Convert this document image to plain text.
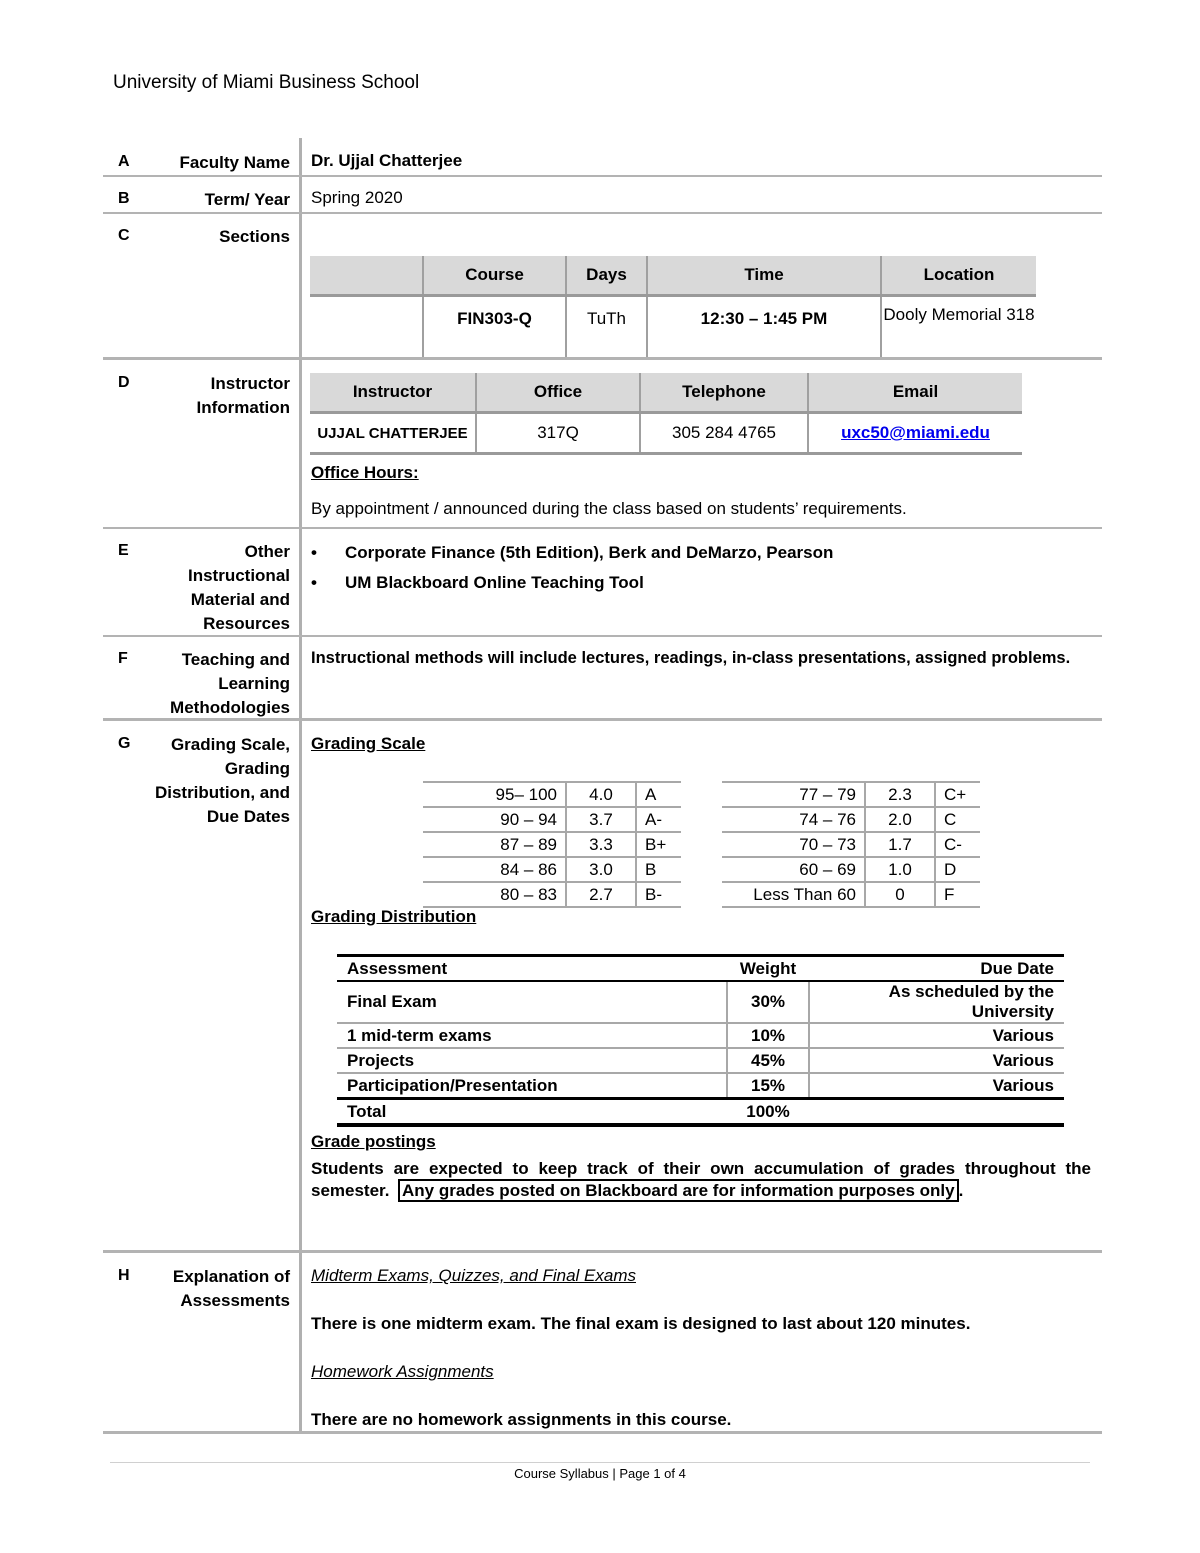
University of Miami Business School
A	Faculty Name Dr. Ujjal Chatterjee
B	Term/ Year Spring 2020
C	Sections
	Course	Days	Time	Location
	FIN303-Q	TuTh	12:30 – 1:45 PM	Dooly Memorial 318
D	Instructor
Information
Instructor	Office	Telephone	Email
UJJAL CHATTERJEE	317Q	305 284 4765	uxc50@miami.edu
Office Hours:
By appointment / announced during the class based on students’ requirements.
E	Other
Instructional
Material and
Resources
•	Corporate Finance (5th Edition), Berk and DeMarzo, Pearson
•	UM Blackboard Online Teaching Tool
F	Teaching and
Learning
Methodologies
Instructional methods will include lectures, readings, in-class presentations, assigned problems.
G	Grading Scale,
Grading
Distribution, and
Due Dates
Grading Scale
95– 100	4.0	A
90 – 94	3.7	A-
87 – 89	3.3	B+
84 – 86	3.0	B
80 – 83	2.7	B-
77 – 79	2.3	C+
74 – 76	2.0	C
70 – 73	1.7	C-
60 – 69	1.0	D
Less Than 60	0	F
Grading Distribution
Assessment	Weight	Due Date
Final Exam	30%	As scheduled by the University
1 mid-term exams	10%	Various
Projects	45%	Various
Participation/Presentation	15%	Various
Total	100%	
Grade postings
Students are expected to keep track of their own accumulation of grades throughout the
semester. Any grades posted on Blackboard are for information purposes only .
H	Explanation of
Assessments
Midterm Exams, Quizzes, and Final Exams
There is one midterm exam. The final exam is designed to last about 120 minutes.
Homework Assignments
There are no homework assignments in this course.
Course Syllabus | Page 1 of 4
